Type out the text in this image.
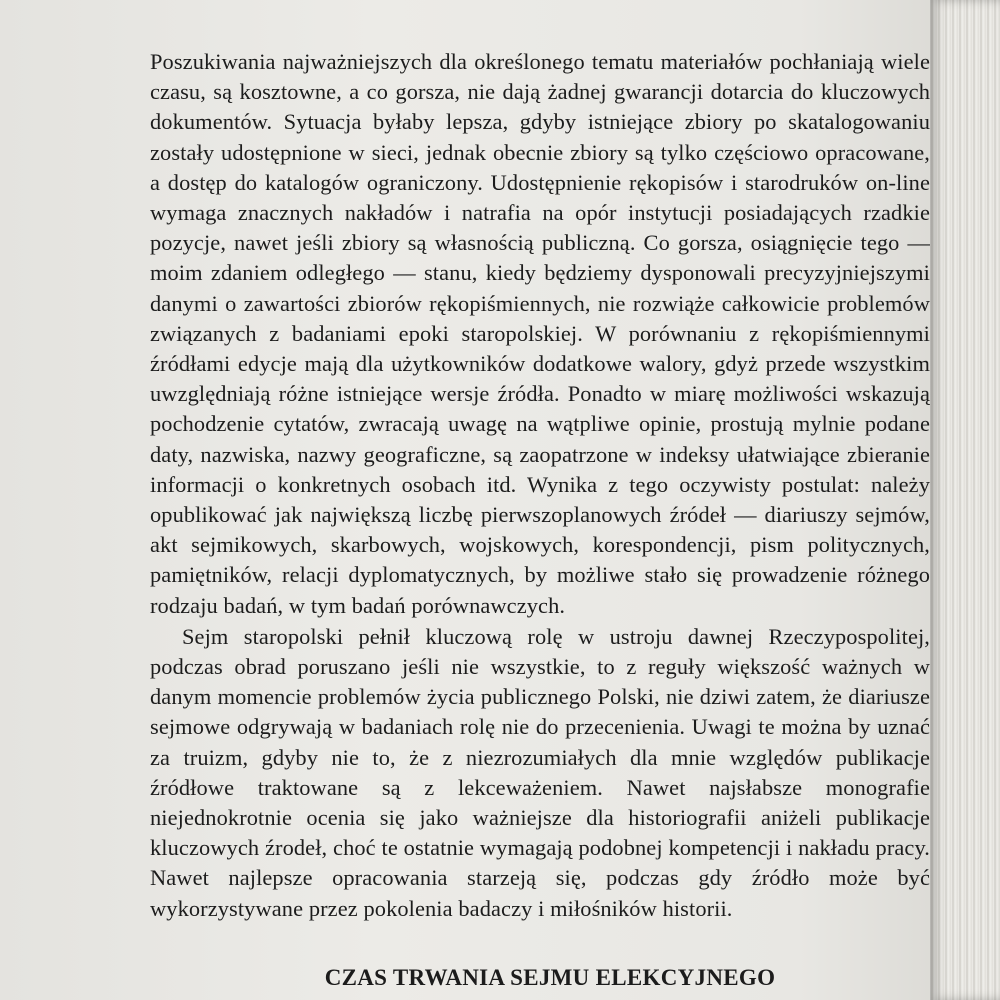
Poszukiwania najważniejszych dla określonego tematu materiałów pochłaniają wiele czasu, są kosztowne, a co gorsza, nie dają żadnej gwarancji dotarcia do kluczowych dokumentów. Sytuacja byłaby lepsza, gdyby istniejące zbiory po skatalogowaniu zostały udostępnione w sieci, jednak obecnie zbiory są tylko częściowo opracowane, a dostęp do katalogów ograniczony. Udostępnienie rękopisów i starodruków on-line wymaga znacznych nakładów i natrafia na opór instytucji posiadających rzadkie pozycje, nawet jeśli zbiory są własnością publiczną. Co gorsza, osiągnięcie tego — moim zdaniem odległego — stanu, kiedy będziemy dysponowali precyzyjniejszymi danymi o zawartości zbiorów rękopiśmiennych, nie rozwiąże całkowicie problemów związanych z badaniami epoki staropolskiej. W porównaniu z rękopiśmiennymi źródłami edycje mają dla użytkowników dodatkowe walory, gdyż przede wszystkim uwzględniają różne istniejące wersje źródła. Ponadto w miarę możliwości wskazują pochodzenie cytatów, zwracają uwagę na wątpliwe opinie, prostują mylnie podane daty, nazwiska, nazwy geograficzne, są zaopatrzone w indeksy ułatwiające zbieranie informacji o konkretnych osobach itd. Wynika z tego oczywisty postulat: należy opublikować jak największą liczbę pierwszoplanowych źródeł — diariuszy sejmów, akt sejmikowych, skarbowych, wojskowych, korespondencji, pism politycznych, pamiętników, relacji dyplomatycznych, by możliwe stało się prowadzenie różnego rodzaju badań, w tym badań porównawczych.

Sejm staropolski pełnił kluczową rolę w ustroju dawnej Rzeczypospolitej, podczas obrad poruszano jeśli nie wszystkie, to z reguły większość ważnych w danym momencie problemów życia publicznego Polski, nie dziwi zatem, że diariusze sejmowe odgrywają w badaniach rolę nie do przecenienia. Uwagi te można by uznać za truizm, gdyby nie to, że z niezrozumiałych dla mnie względów publikacje źródłowe traktowane są z lekceważeniem. Nawet najsłabsze monografie niejednokrotnie ocenia się jako ważniejsze dla historiografii aniżeli publikacje kluczowych źrodeł, choć te ostatnie wymagają podobnej kompetencji i nakładu pracy. Nawet najlepsze opracowania starzeją się, podczas gdy źródło może być wykorzystywane przez pokolenia badaczy i miłośników historii.

CZAS TRWANIA SEJMU ELEKCYJNEGO
